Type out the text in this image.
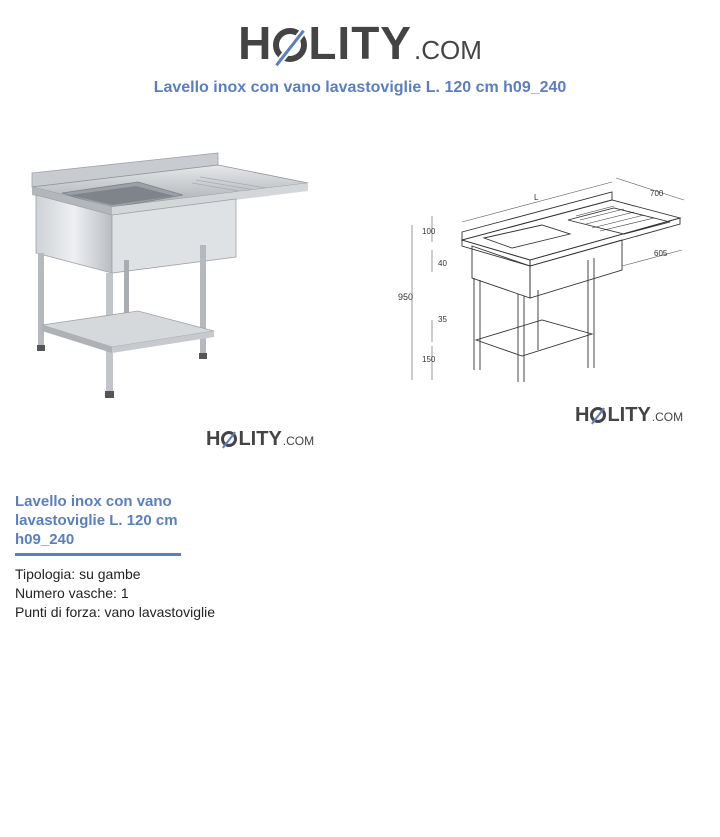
H LITY .COM
Lavello inox con vano lavastoviglie L. 120 cm h09_240
950
100
40
35
150
L	700
605
H LITY .COM
H LITY .COM
Lavello inox con vano lavastoviglie L. 120 cm h09_240
Tipologia: su gambe
Numero vasche: 1
Punti di forza: vano lavastoviglie
